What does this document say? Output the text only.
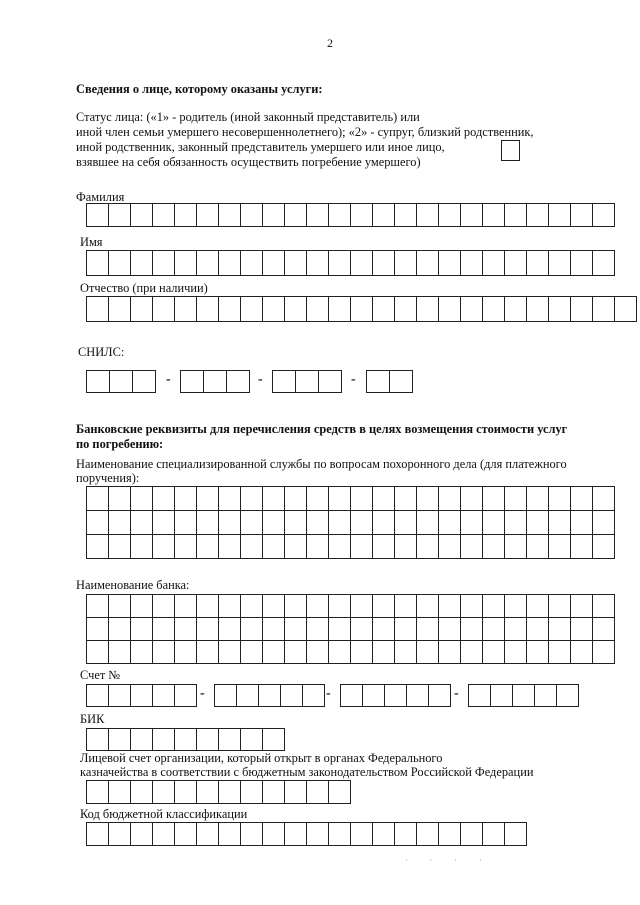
2
Сведения о лице, которому оказаны услуги:
Статус лица: («1» - родитель (иной законный представитель) или
иной член семьи умершего несовершеннолетнего); «2» - супруг, близкий родственник,
иной родственник, законный представитель умершего или иное лицо,
взявшее на себя обязанность осуществить погребение умершего)
Фамилия

Имя

Отчество (при наличии)

СНИЛС:

-
			-
			-

Банковские реквизиты для перечисления средств в целях возмещения стоимости услуг
по погребению:
Наименование специализированной службы по вопросам похоронного дела (для платежного
поручения):

Наименование банка:

Счет №

-
					-
					-

БИК

Лицевой счет организации, который открыт в органах Федерального
казначейства в соответствии с бюджетным законодательством Российской Федерации

Код бюджетной классификации

· · · ·
